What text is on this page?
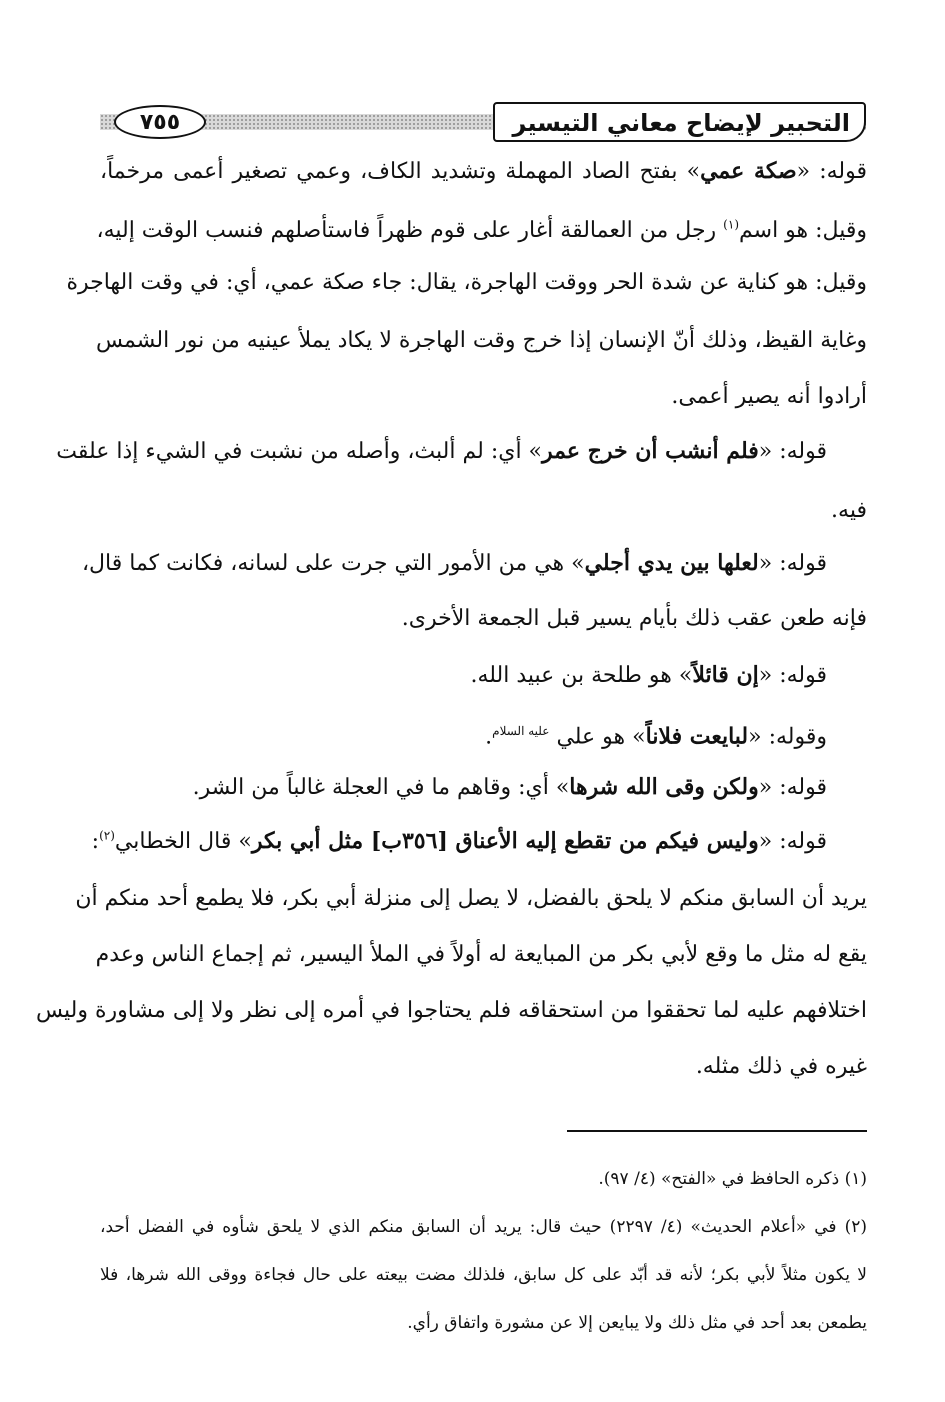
٧٥٥	التحبير لإيضاح معاني التيسير
قوله: «صكة عمي» بفتح الصاد المهملة وتشديد الكاف، وعمي تصغير أعمى مرخماً،
وقيل: هو اسم$^{(١)}$ رجل من العمالقة أغار على قوم ظهراً فاستأصلهم فنسب الوقت إليه،
وقيل: هو كناية عن شدة الحر ووقت الهاجرة، يقال: جاء صكة عمي، أي: في وقت الهاجرة
وغاية القيظ، وذلك أنّ الإنسان إذا خرج وقت الهاجرة لا يكاد يملأ عينيه من نور الشمس
أرادوا أنه يصير أعمى.
قوله: «فلم أنشب أن خرج عمر» أي: لم ألبث، وأصله من نشبت في الشيء إذا علقت
فيه.
قوله: «لعلها بين يدي أجلي» هي من الأمور التي جرت على لسانه، فكانت كما قال،
فإنه طعن عقب ذلك بأيام يسير قبل الجمعة الأخرى.
قوله: «إن قائلاً» هو طلحة بن عبيد الله.
وقوله: «لبايعت فلاناً» هو علي $^{عليه السلام}$.
قوله: «ولكن وقى الله شرها» أي: وقاهم ما في العجلة غالباً من الشر.
قوله: «وليس فيكم من تقطع إليه الأعناق [٣٥٦ب] مثل أبي بكر» قال الخطابي$^{(٢)}$:
يريد أن السابق منكم لا يلحق بالفضل، لا يصل إلى منزلة أبي بكر، فلا يطمع أحد منكم أن
يقع له مثل ما وقع لأبي بكر من المبايعة له أولاً في الملأ اليسير، ثم إجماع الناس وعدم
اختلافهم عليه لما تحققوا من استحقاقه فلم يحتاجوا في أمره إلى نظر ولا إلى مشاورة وليس
غيره في ذلك مثله.
(١) ذكره الحافظ في «الفتح» (٤/ ٩٧).
(٢) في «أعلام الحديث» (٤/ ٢٢٩٧) حيث قال: يريد أن السابق منكم الذي لا يلحق شأوه في الفضل أحد،
لا يكون مثلاً لأبي بكر؛ لأنه قد أبّد على كل سابق، فلذلك مضت بيعته على حال فجاءة ووقى الله شرها، فلا
يطمعن بعد أحد في مثل ذلك ولا يبايعن إلا عن مشورة واتفاق رأي.
